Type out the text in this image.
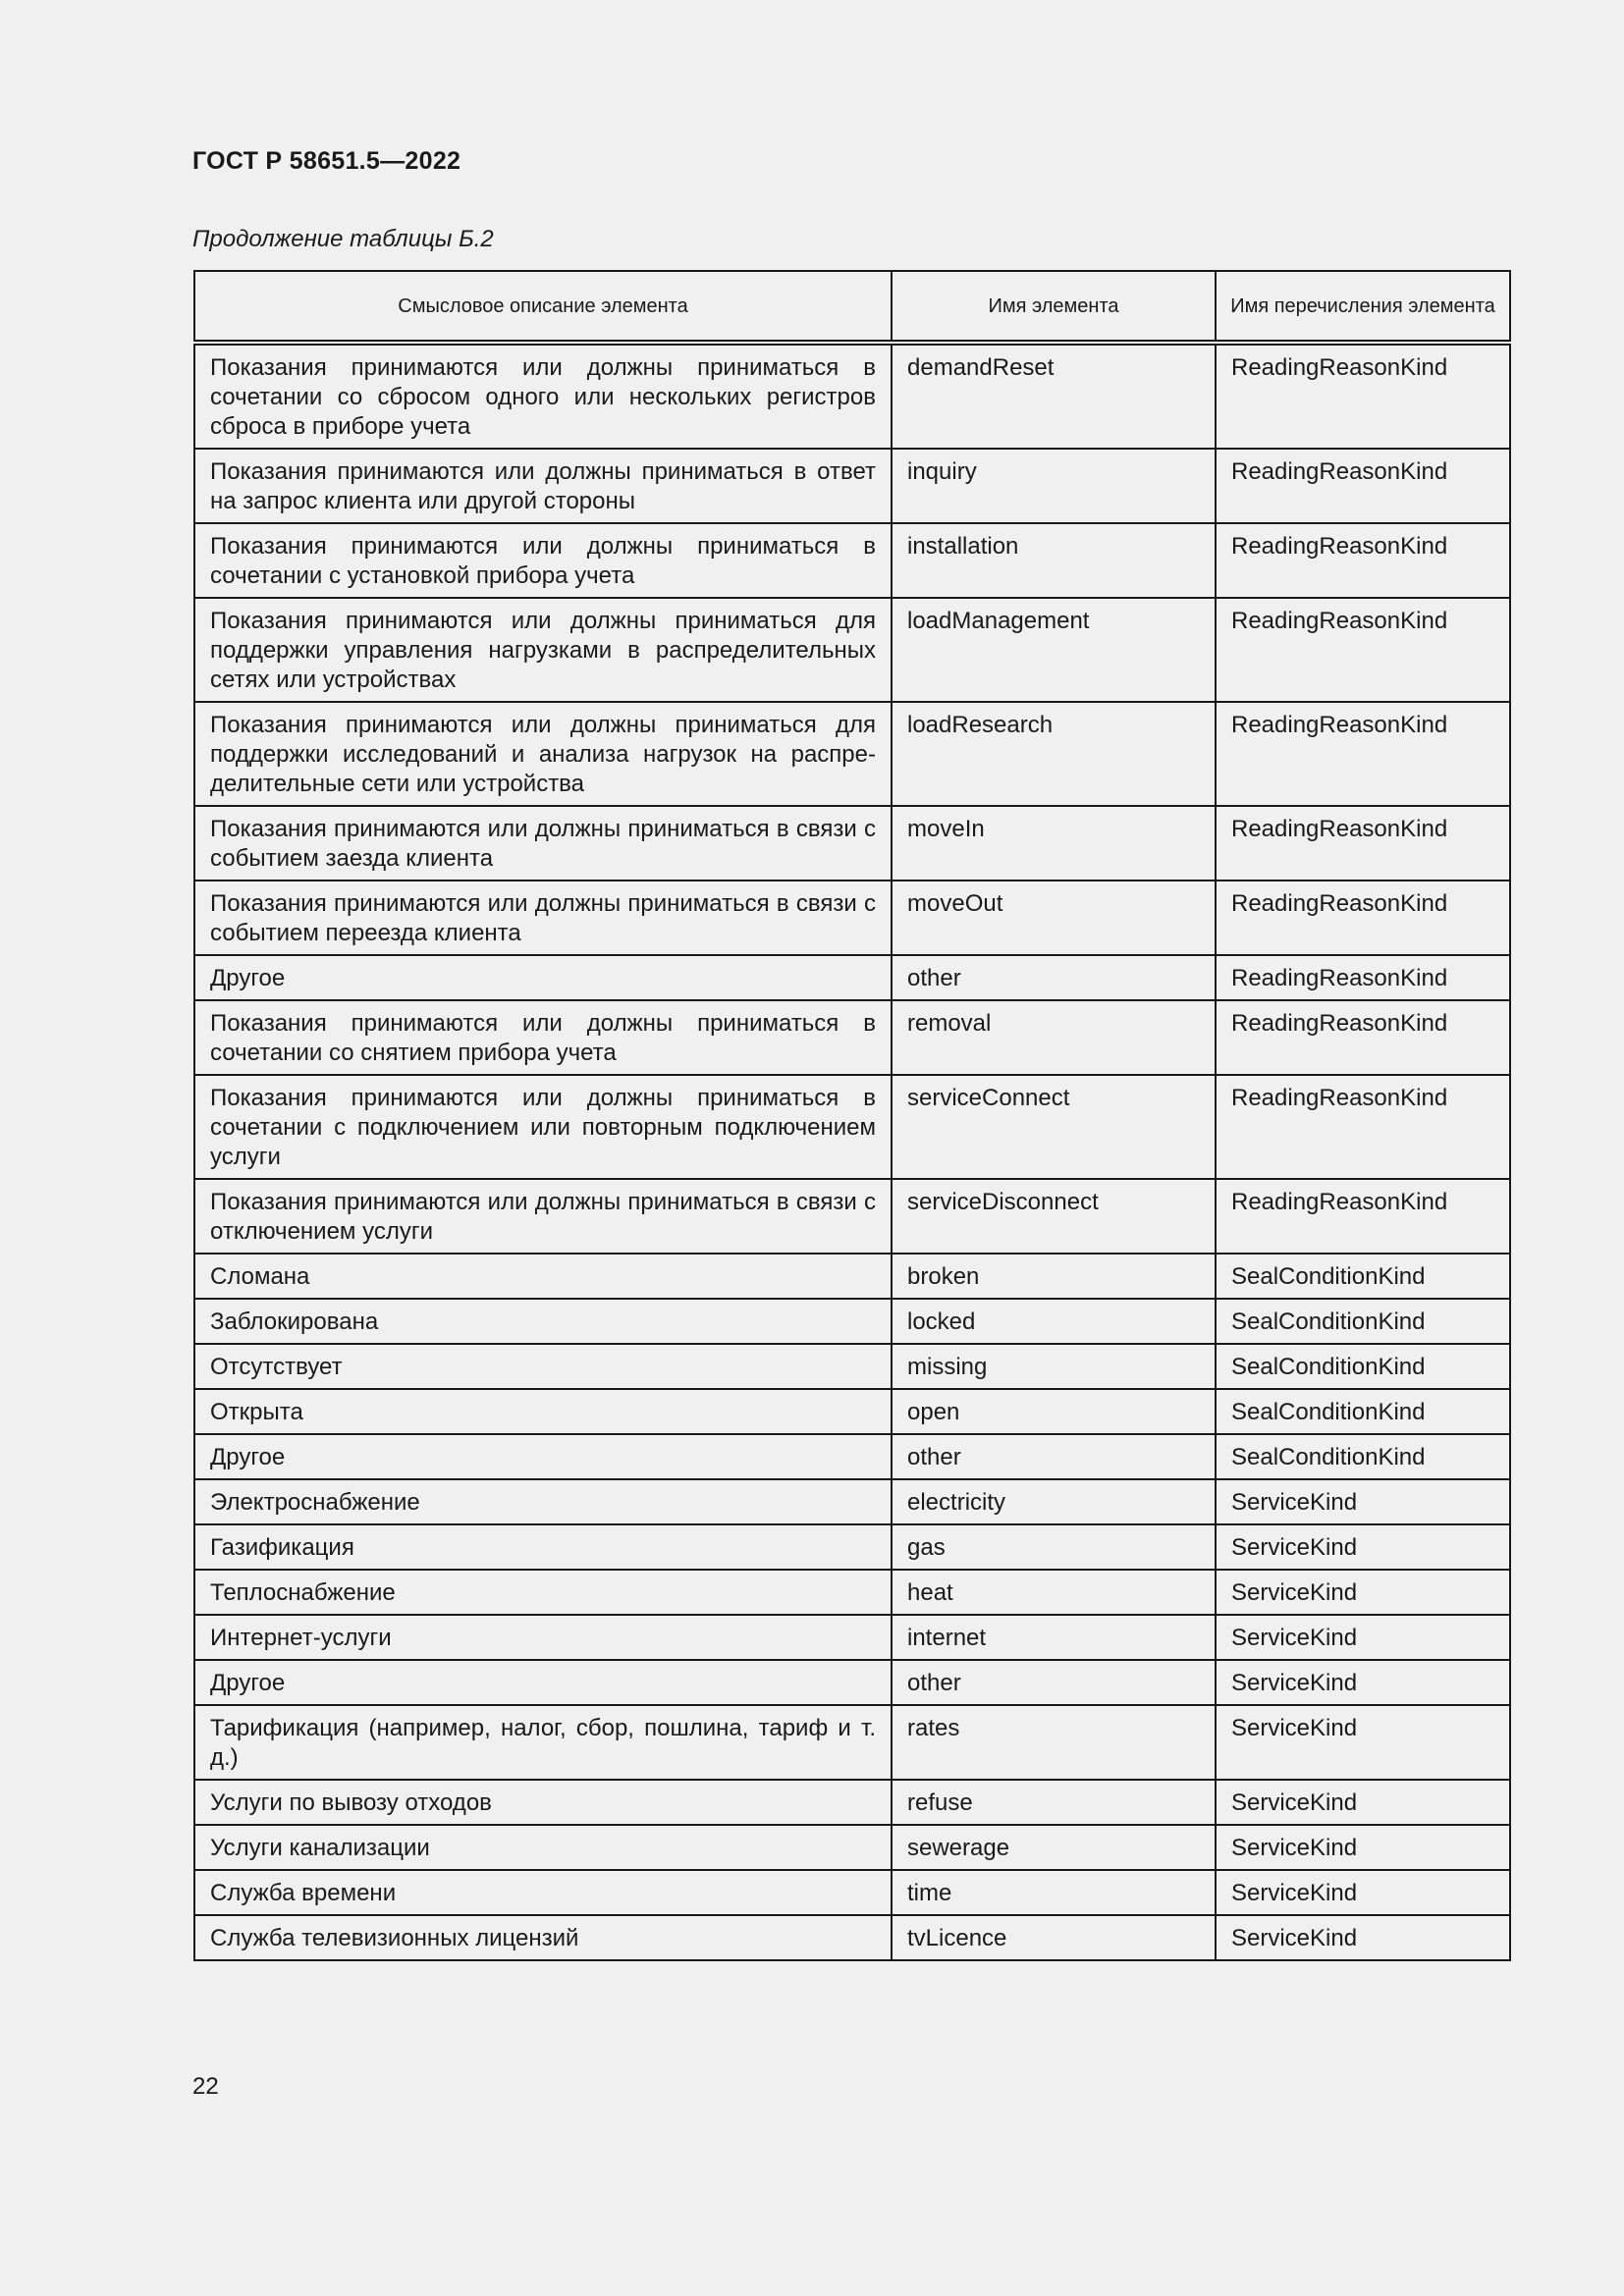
ГОСТ Р 58651.5—2022
Продолжение таблицы Б.2
Смысловое описание элемента	Имя элемента	Имя перечисления элемента
Показания принимаются или должны приниматься в сочетании со сбросом одного или нескольких регистров сброса в приборе учета	demandReset	ReadingReasonKind
Показания принимаются или должны приниматься в ответ на запрос клиента или другой стороны	inquiry	ReadingReasonKind
Показания принимаются или должны приниматься в сочетании с установкой прибора учета	installation	ReadingReasonKind
Показания принимаются или должны приниматься для поддержки управления нагрузками в распределительных сетях или устройствах	loadManagement	ReadingReasonKind
Показания принимаются или должны приниматься для поддержки исследований и анализа нагрузок на распределительные сети или устройства	loadResearch	ReadingReasonKind
Показания принимаются или должны приниматься в связи с событием заезда клиента	moveIn	ReadingReasonKind
Показания принимаются или должны приниматься в связи с событием переезда клиента	moveOut	ReadingReasonKind
Другое	other	ReadingReasonKind
Показания принимаются или должны приниматься в сочетании со снятием прибора учета	removal	ReadingReasonKind
Показания принимаются или должны приниматься в сочетании с подключением или повторным подключением услуги	serviceConnect	ReadingReasonKind
Показания принимаются или должны приниматься в связи с отключением услуги	serviceDisconnect	ReadingReasonKind
Сломана	broken	SealConditionKind
Заблокирована	locked	SealConditionKind
Отсутствует	missing	SealConditionKind
Открыта	open	SealConditionKind
Другое	other	SealConditionKind
Электроснабжение	electricity	ServiceKind
Газификация	gas	ServiceKind
Теплоснабжение	heat	ServiceKind
Интернет-услуги	internet	ServiceKind
Другое	other	ServiceKind
Тарификация (например, налог, сбор, пошлина, тариф и т. д.)	rates	ServiceKind
Услуги по вывозу отходов	refuse	ServiceKind
Услуги канализации	sewerage	ServiceKind
Служба времени	time	ServiceKind
Служба телевизионных лицензий	tvLicence	ServiceKind
22
